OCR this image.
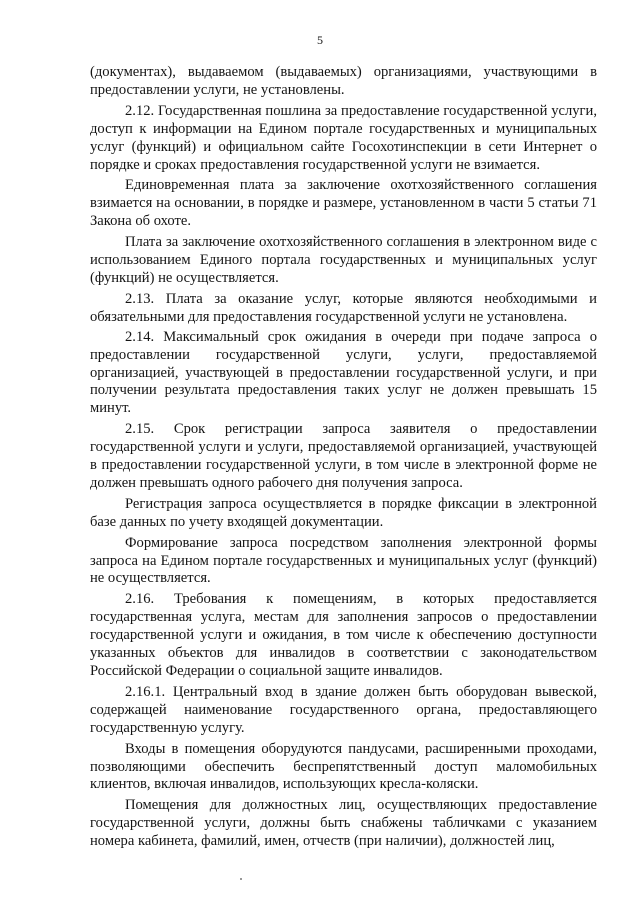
5

(документах), выдаваемом (выдаваемых) организациями, участвующими в предоставлении услуги, не установлены.

2.12. Государственная пошлина за предоставление государственной услуги, доступ к информации на Едином портале государственных и муниципальных услуг (функций) и официальном сайте Госохотинспекции в сети Интернет о порядке и сроках предоставления государственной услуги не взимается.

Единовременная плата за заключение охотхозяйственного соглашения взимается на основании, в порядке и размере, установленном в части 5 статьи 71 Закона об охоте.

Плата за заключение охотхозяйственного соглашения в электронном виде с использованием Единого портала государственных и муниципальных услуг (функций) не осуществляется.

2.13. Плата за оказание услуг, которые являются необходимыми и обязательными для предоставления государственной услуги не установлена.

2.14. Максимальный срок ожидания в очереди при подаче запроса о предоставлении государственной услуги, услуги, предоставляемой организацией, участвующей в предоставлении государственной услуги, и при получении результата предоставления таких услуг не должен превышать 15 минут.

2.15. Срок регистрации запроса заявителя о предоставлении государственной услуги и услуги, предоставляемой организацией, участвующей в предоставлении государственной услуги, в том числе в электронной форме не должен превышать одного рабочего дня получения запроса.

Регистрация запроса осуществляется в порядке фиксации в электронной базе данных по учету входящей документации.

Формирование запроса посредством заполнения электронной формы запроса на Едином портале государственных и муниципальных услуг (функций) не осуществляется.

2.16. Требования к помещениям, в которых предоставляется государственная услуга, местам для заполнения запросов о предоставлении государственной услуги и ожидания, в том числе к обеспечению доступности указанных объектов для инвалидов в соответствии с законодательством Российской Федерации о социальной защите инвалидов.

2.16.1. Центральный вход в здание должен быть оборудован вывеской, содержащей наименование государственного органа, предоставляющего государственную услугу.

Входы в помещения оборудуются пандусами, расширенными проходами, позволяющими обеспечить беспрепятственный доступ маломобильных клиентов, включая инвалидов, использующих кресла-коляски.

Помещения для должностных лиц, осуществляющих предоставление государственной услуги, должны быть снабжены табличками с указанием номера кабинета, фамилий, имен, отчеств (при наличии), должностей лиц,
